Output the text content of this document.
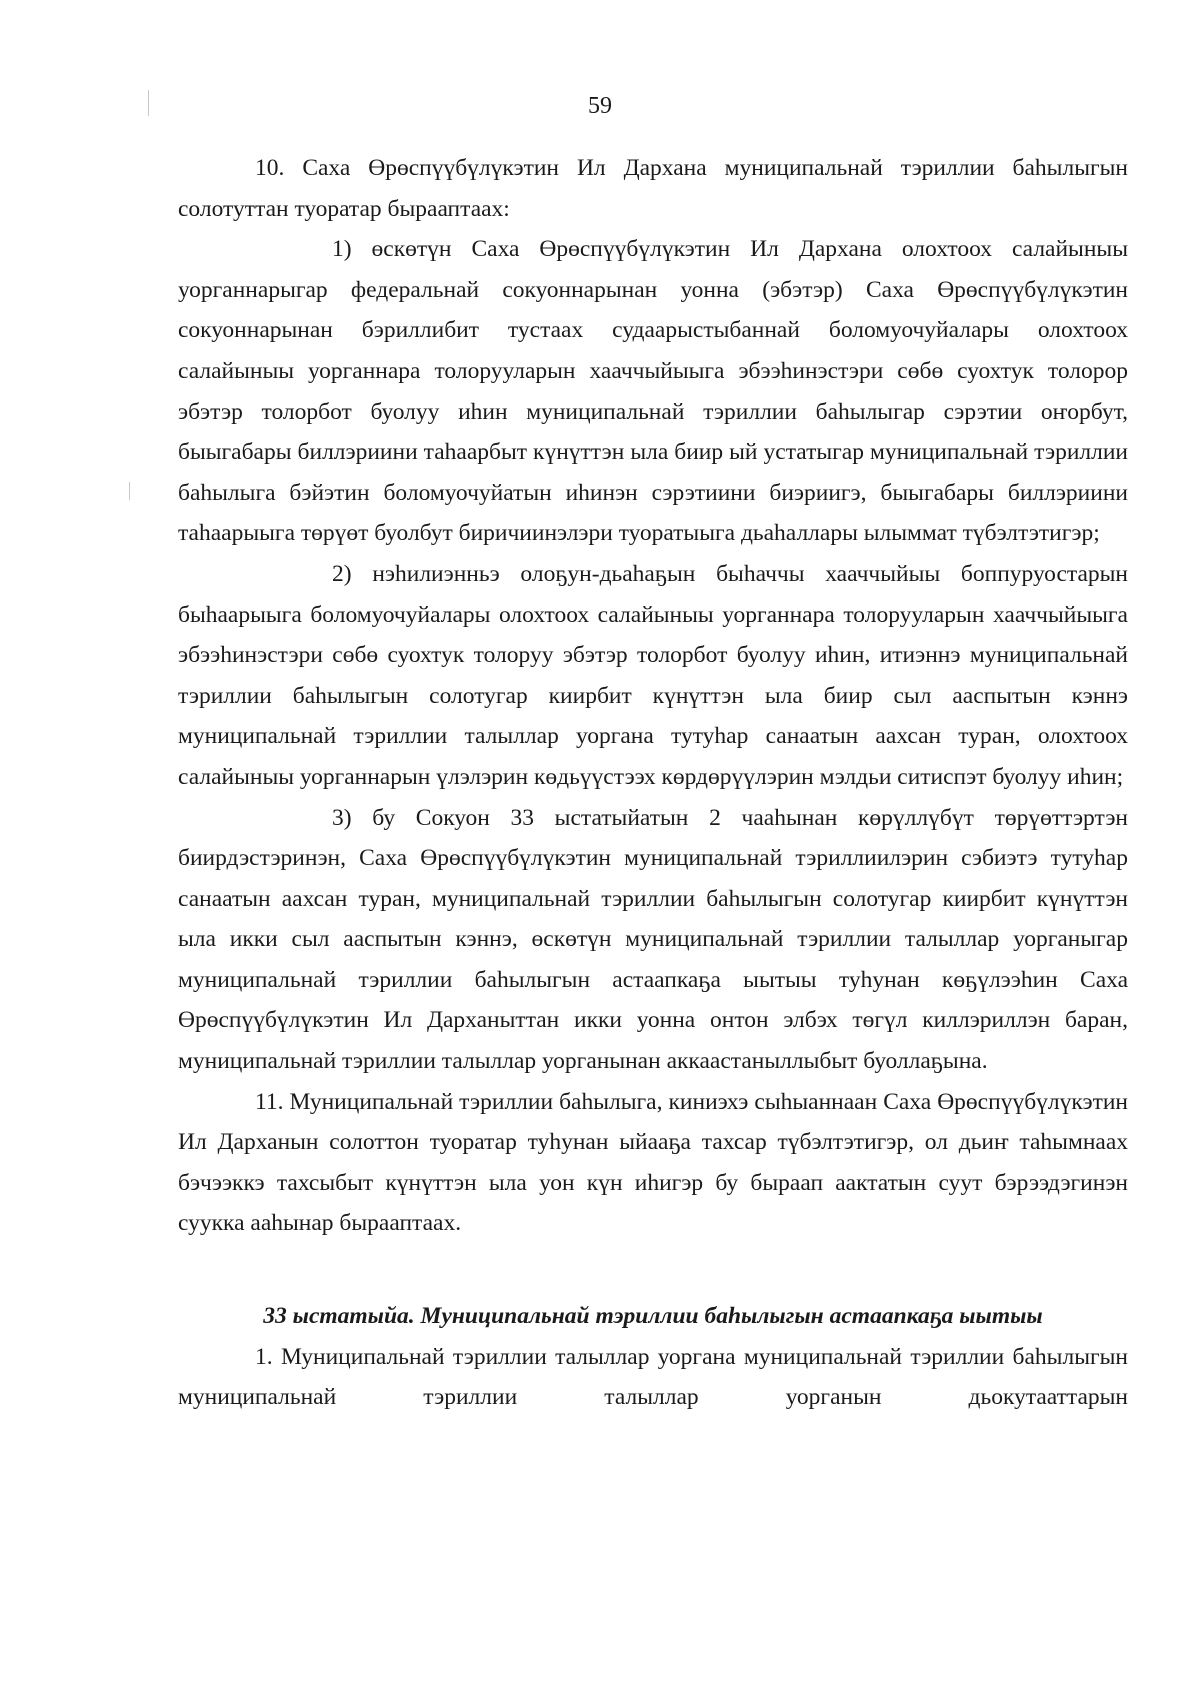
59

10. Саха Өрөспүүбүлүкэтин Ил Дархана муниципальнай тэриллии баһылыгын солотуттан туоратар бырааптаах:

1) өскөтүн Саха Өрөспүүбүлүкэтин Ил Дархана олохтоох салайыныы уорганнарыгар федеральнай сокуоннарынан уонна (эбэтэр) Саха Өрөспүүбүлүкэтин сокуоннарынан бэриллибит тустаах судаарыстыбаннай боломуочуйалары олохтоох салайыныы уорганнара толорууларын хааччыйыыга эбээһинэстэри сөбө суохтук толорор эбэтэр толорбот буолуу иһин муниципальнай тэриллии баһылыгар сэрэтии оҥорбут, быыгабары биллэриини таһаарбыт күнүттэн ыла биир ый устатыгар муниципальнай тэриллии баһылыга бэйэтин боломуочуйатын иһинэн сэрэтиини биэриигэ, быыгабары биллэриини таһаарыыга төрүөт буолбут биричиинэлэри туоратыыга дьаһаллары ылыммат түбэлтэтигэр;

2) нэһилиэнньэ олоҕун-дьаһаҕын быһаччы хааччыйыы боппуруостарын быһаарыыга боломуочуйалары олохтоох салайыныы уорганнара толорууларын хааччыйыыга эбээһинэстэри сөбө суохтук толоруу эбэтэр толорбот буолуу иһин, итиэннэ муниципальнай тэриллии баһылыгын солотугар киирбит күнүттэн ыла биир сыл ааспытын кэннэ муниципальнай тэриллии талыллар уоргана тутуһар санаатын аахсан туран, олохтоох салайыныы уорганнарын үлэлэрин көдьүүстээх көрдөрүүлэрин мэлдьи ситиспэт буолуу иһин;

3) бу Сокуон 33 ыстатыйатын 2 чааһынан көрүллүбүт төрүөттэртэн биирдэстэринэн, Саха Өрөспүүбүлүкэтин муниципальнай тэриллиилэрин сэбиэтэ тутуһар санаатын аахсан туран, муниципальнай тэриллии баһылыгын солотугар киирбит күнүттэн ыла икки сыл ааспытын кэннэ, өскөтүн муниципальнай тэриллии талыллар уорганыгар муниципальнай тэриллии баһылыгын астаапкаҕа ыытыы туһунан көҕүлээһин Саха Өрөспүүбүлүкэтин Ил Дарханыттан икки уонна онтон элбэх төгүл киллэриллэн баран, муниципальнай тэриллии талыллар уорганынан аккаастаныллыбыт буоллаҕына.

11. Муниципальнай тэриллии баһылыга, киниэхэ сыһыаннаан Саха Өрөспүүбүлүкэтин Ил Дарханын солоттон туоратар туһунан ыйааҕа тахсар түбэлтэтигэр, ол дьиҥ таһымнаах бэчээккэ тахсыбыт күнүттэн ыла уон күн иһигэр бу быраап аактатын суут бэрээдэгинэн суукка ааһынар бырааптаах.

33 ыстатыйа. Муниципальнай тэриллии баһылыгын астаапкаҕа ыытыы

1. Муниципальнай тэриллии талыллар уоргана муниципальнай тэриллии баһылыгын муниципальнай тэриллии талыллар уорганын дьокутааттарын
